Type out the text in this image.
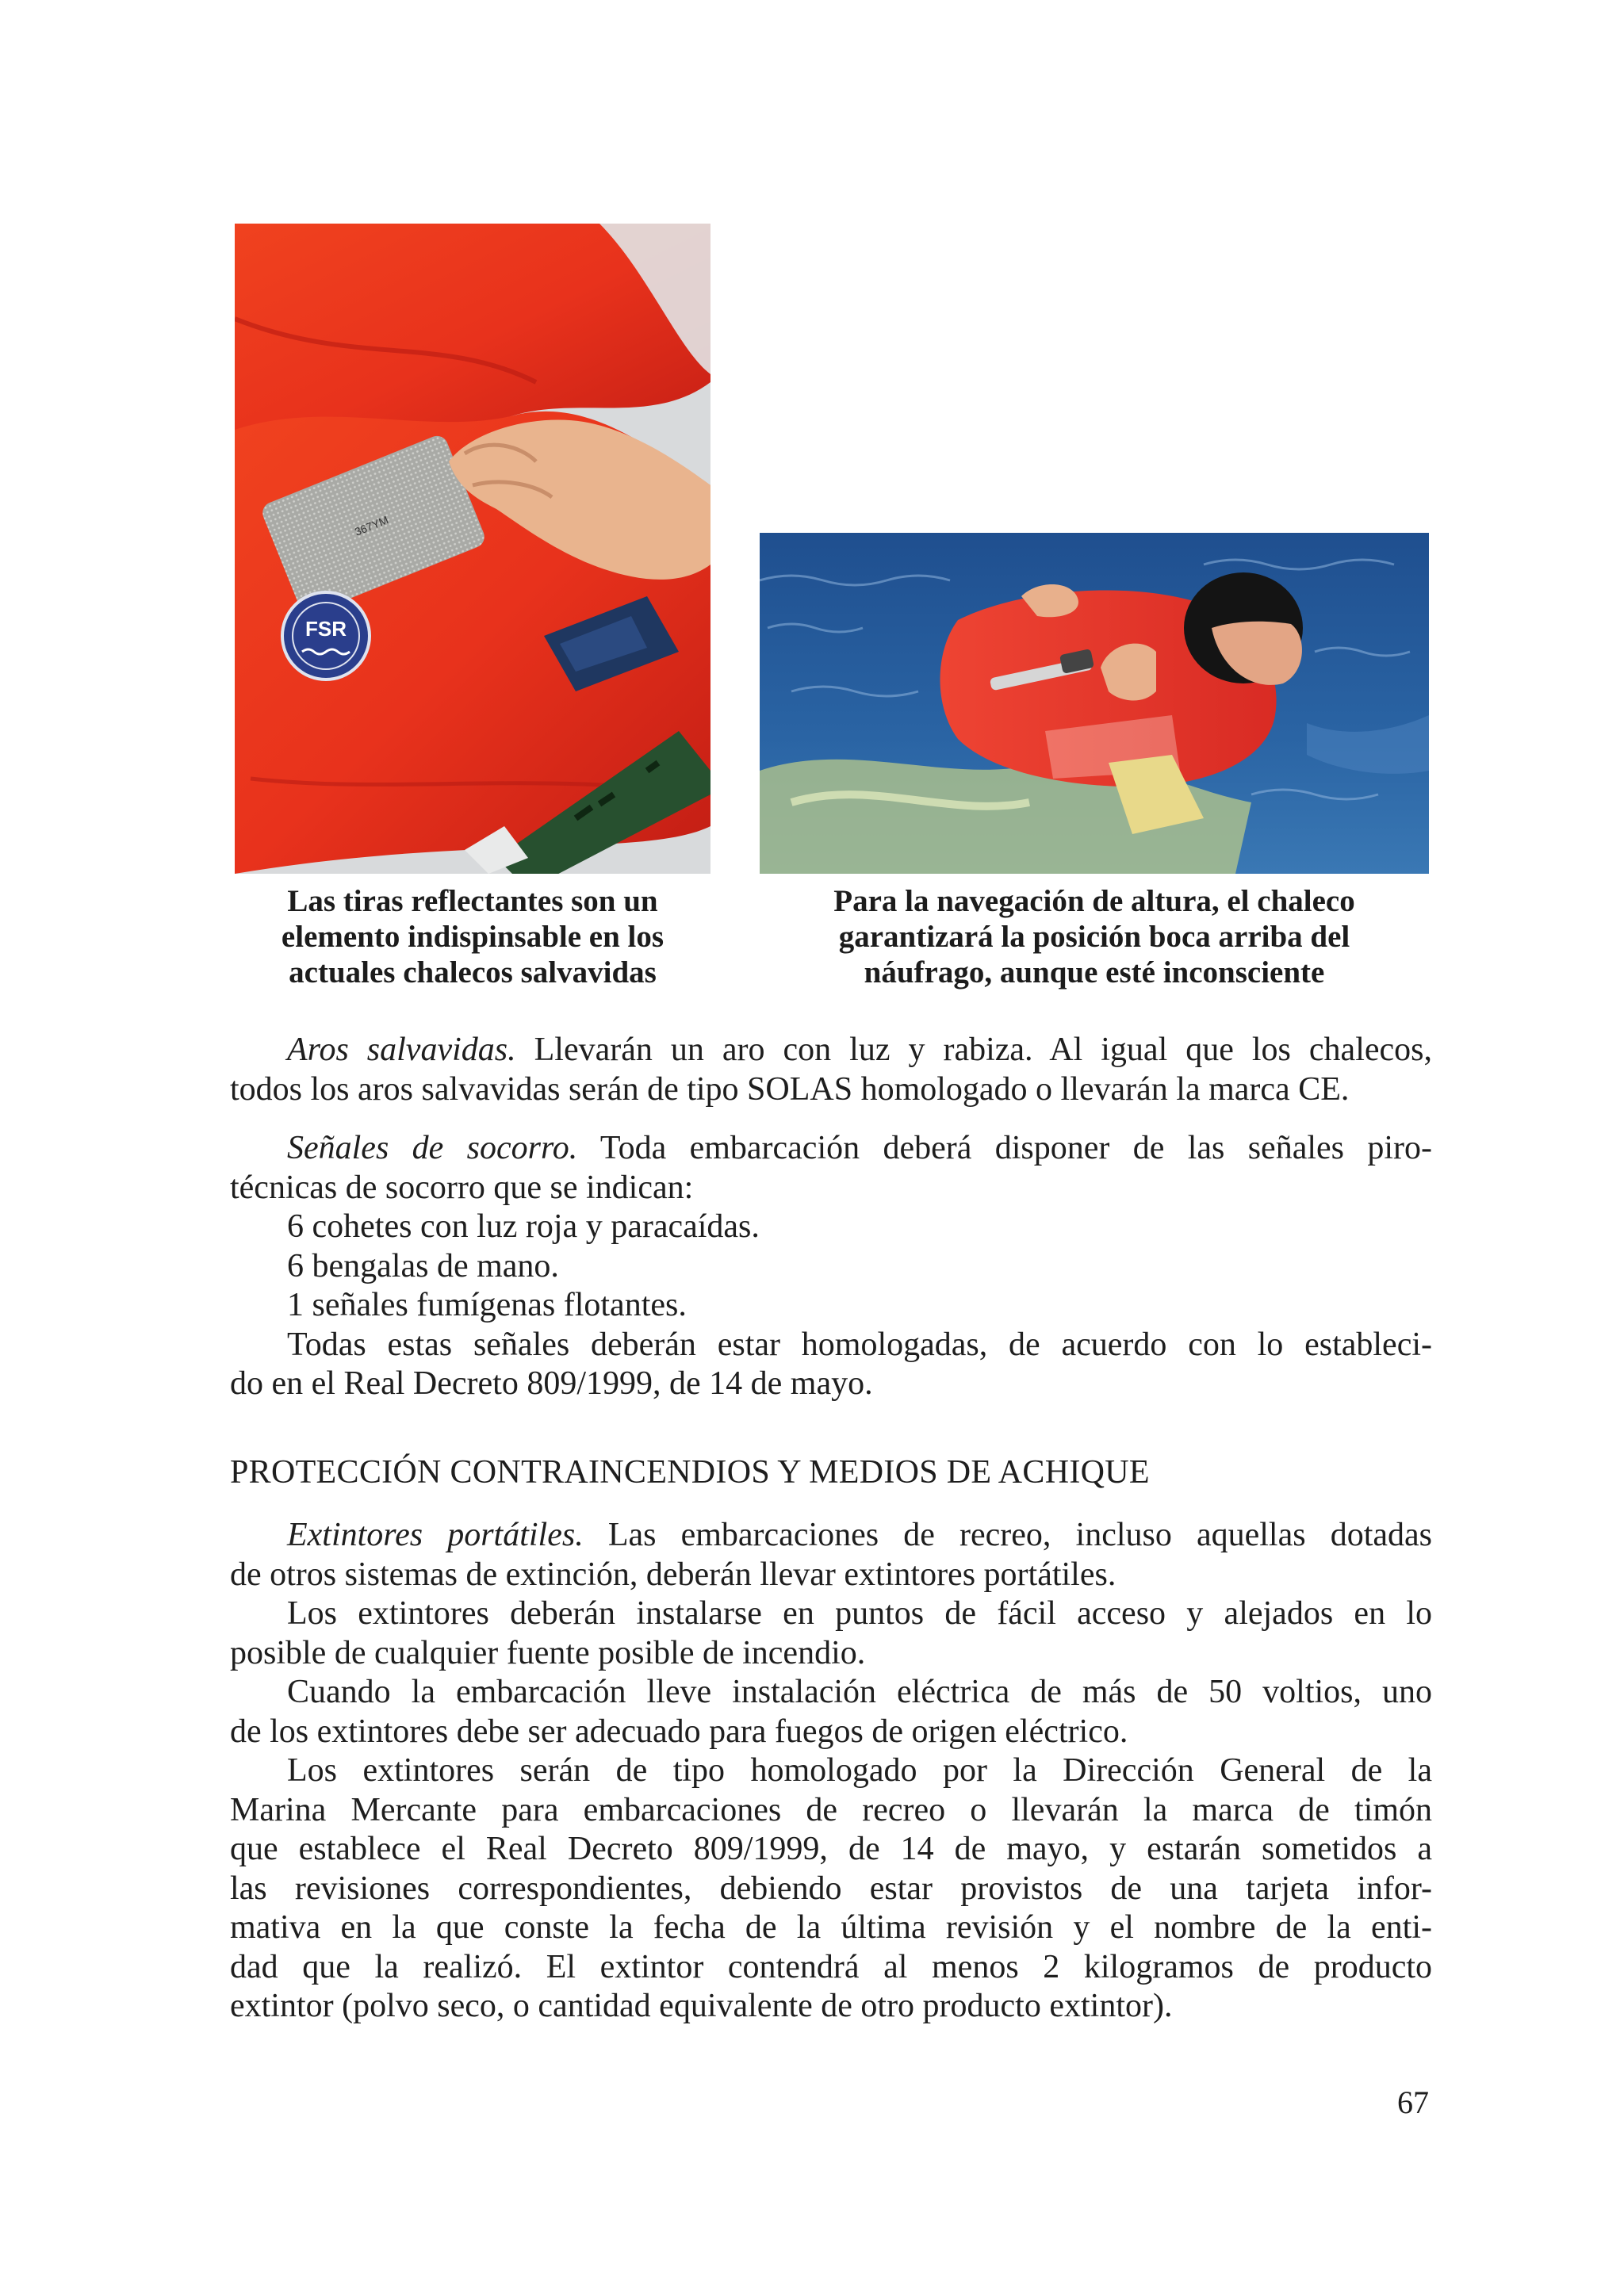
367YM
FSR
Las tiras reflectantes son un
elemento indispinsable en los
actuales chalecos salvavidas
Para la navegación de altura, el chaleco
garantizará la posición boca arriba del
náufrago, aunque esté inconsciente
Aros salvavidas. Llevarán un aro con luz y rabiza. Al igual que los chalecos,
todos los aros salvavidas serán de tipo SOLAS homologado o llevarán la marca CE.
Señales de socorro. Toda embarcación deberá disponer de las señales piro-
técnicas de socorro que se indican:
6 cohetes con luz roja y paracaídas.
6 bengalas de mano.
1 señales fumígenas flotantes.
Todas estas señales deberán estar homologadas, de acuerdo con lo estableci-
do en el Real Decreto 809/1999, de 14 de mayo.
PROTECCIÓN CONTRAINCENDIOS Y MEDIOS DE ACHIQUE
Extintores portátiles. Las embarcaciones de recreo, incluso aquellas dotadas
de otros sistemas de extinción, deberán llevar extintores portátiles.
Los extintores deberán instalarse en puntos de fácil acceso y alejados en lo
posible de cualquier fuente posible de incendio.
Cuando la embarcación lleve instalación eléctrica de más de 50 voltios, uno
de los extintores debe ser adecuado para fuegos de origen eléctrico.
Los extintores serán de tipo homologado por la Dirección General de la
Marina Mercante para embarcaciones de recreo o llevarán la marca de timón
que establece el Real Decreto 809/1999, de 14 de mayo, y estarán sometidos a
las revisiones correspondientes, debiendo estar provistos de una tarjeta infor-
mativa en la que conste la fecha de la última revisión y el nombre de la enti-
dad que la realizó. El extintor contendrá al menos 2 kilogramos de producto
extintor (polvo seco, o cantidad equivalente de otro producto extintor).
67
